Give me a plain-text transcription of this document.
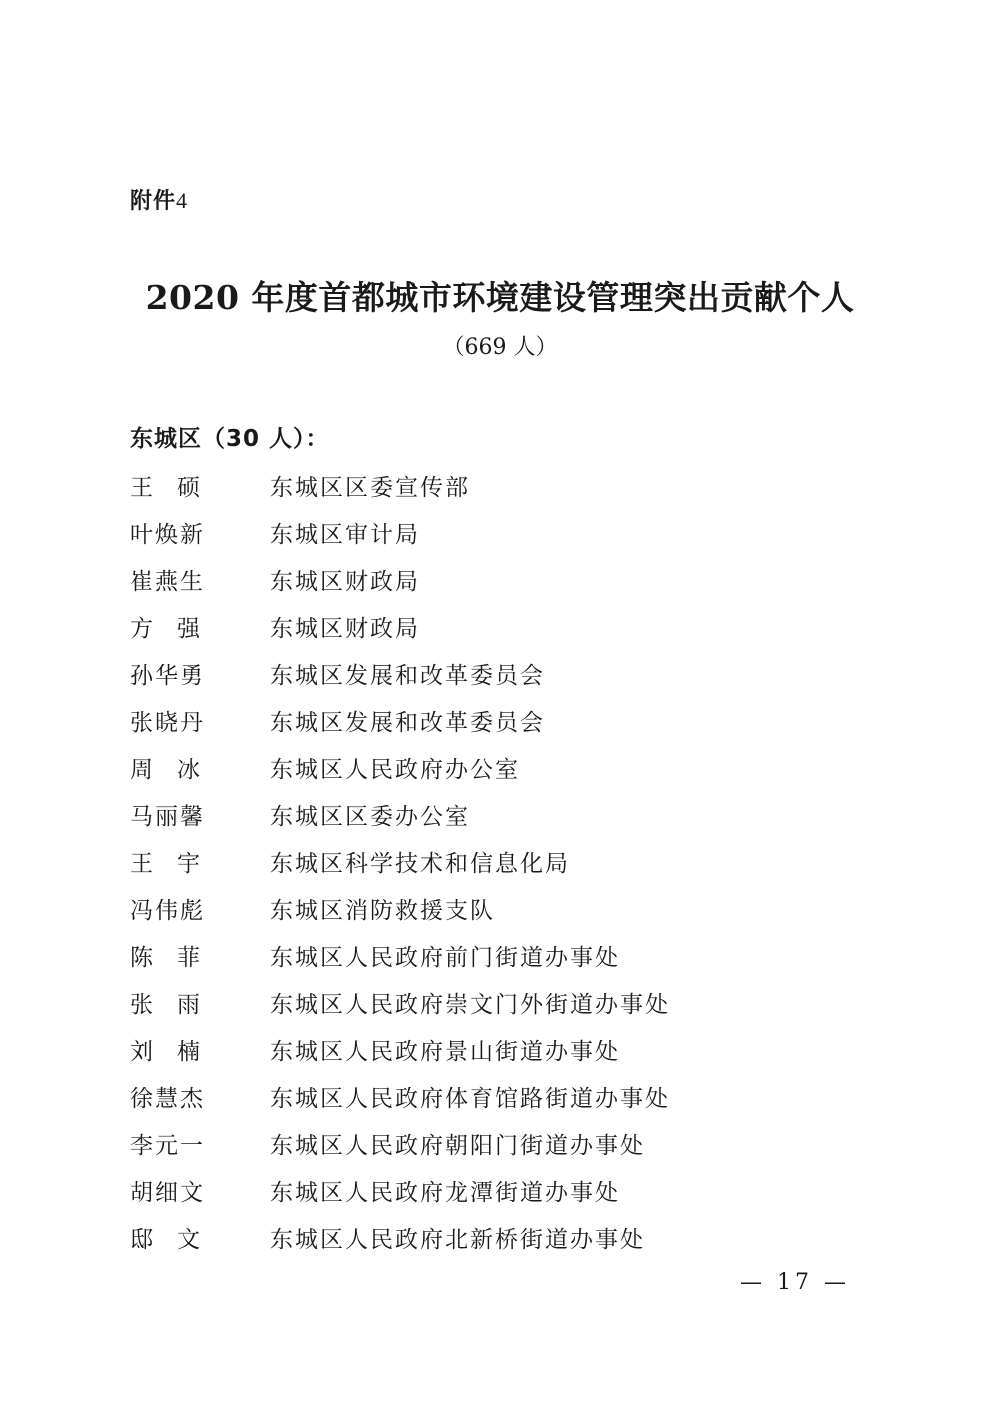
附件4
2020 年度首都城市环境建设管理突出贡献个人
（669 人）
东城区（30 人）：
王 硕	东城区区委宣传部
叶焕新	东城区审计局
崔燕生	东城区财政局
方 强	东城区财政局
孙华勇	东城区发展和改革委员会
张晓丹	东城区发展和改革委员会
周 冰	东城区人民政府办公室
马丽馨	东城区区委办公室
王 宇	东城区科学技术和信息化局
冯伟彪	东城区消防救援支队
陈 菲	东城区人民政府前门街道办事处
张 雨	东城区人民政府崇文门外街道办事处
刘 楠	东城区人民政府景山街道办事处
徐慧杰	东城区人民政府体育馆路街道办事处
李元一	东城区人民政府朝阳门街道办事处
胡细文	东城区人民政府龙潭街道办事处
邸 文	东城区人民政府北新桥街道办事处
— 17 —
